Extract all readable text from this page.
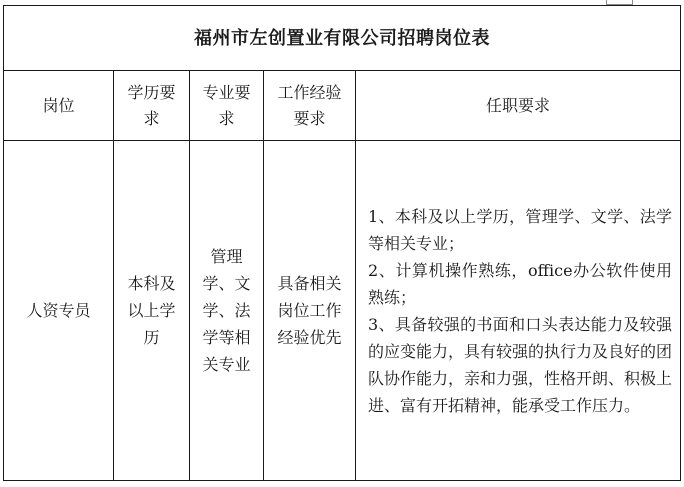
福州市左创置业有限公司招聘岗位表				

岗位	学历要求	专业要求	工作经验要求	任职要求

人资专员	本科及以上学历	管理学、文学、法学等相关专业	具备相关岗位工作经验优先	1、本科及以上学历，管理学、文学、法学等相关专业；
2、计算机操作熟练，office办公软件使用熟练；
3、具备较强的书面和口头表达能力及较强的应变能力，具有较强的执行力及良好的团队协作能力，亲和力强，性格开朗、积极上进、富有开拓精神，能承受工作压力。
